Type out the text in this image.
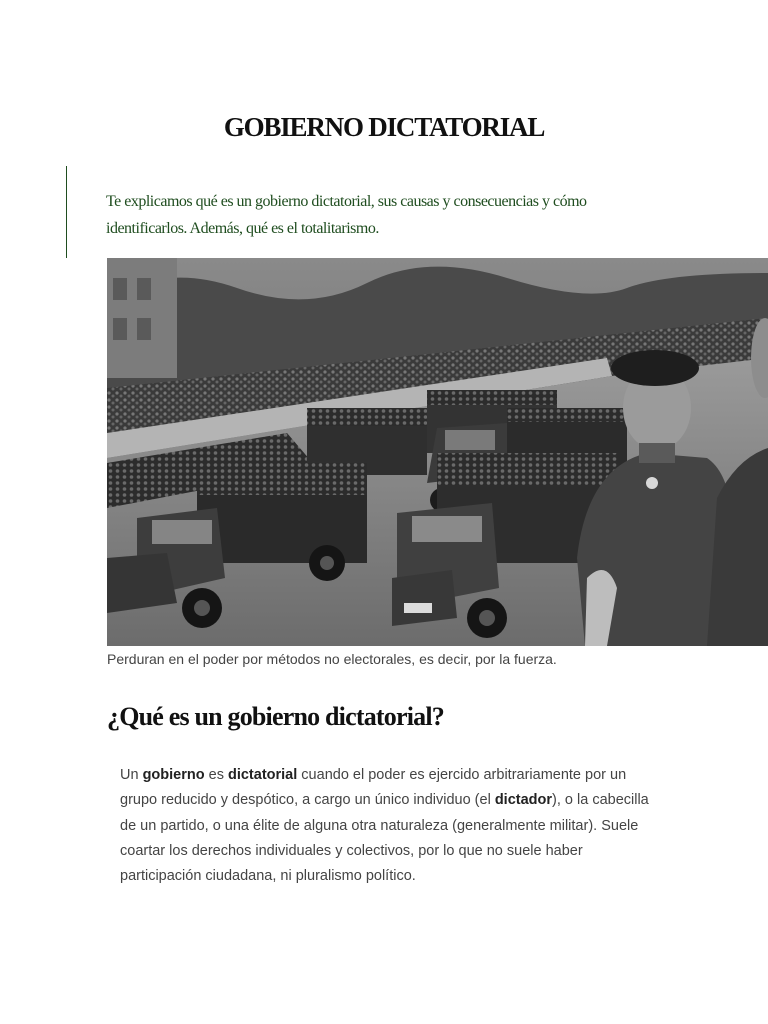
GOBIERNO DICTATORIAL

Te explicamos qué es un gobierno dictatorial, sus causas y consecuencias y cómo identificarlos. Además, qué es el totalitarismo.

Perduran en el poder por métodos no electorales, es decir, por la fuerza.

¿Qué es un gobierno dictatorial?

Un gobierno es dictatorial cuando el poder es ejercido arbitrariamente por un grupo reducido y despótico, a cargo un único individuo (el dictador), o la cabecilla de un partido, o una élite de alguna otra naturaleza (generalmente militar). Suele coartar los derechos individuales y colectivos, por lo que no suele haber participación ciudadana, ni pluralismo político.
